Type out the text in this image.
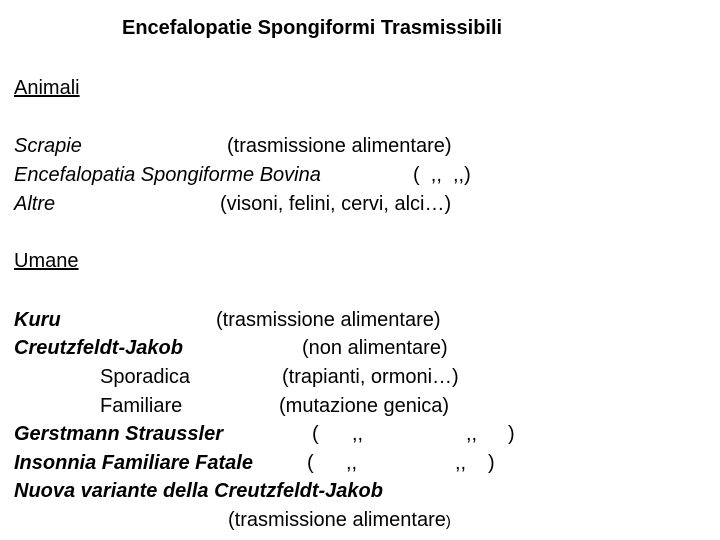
Encefalopatie Spongiformi Trasmissibili
Animali
Scrapie	(trasmissione alimentare)
Encefalopatia Spongiforme Bovina	(  ,,  ,,)
Altre	(visoni, felini, cervi, alci…)
Umane
Kuru	(trasmissione alimentare)
Creutzfeldt-Jakob	(non alimentare)
Sporadica	(trapianti, ormoni…)
Familiare	(mutazione genica)
Gerstmann Straussler	( ,,	,, )
Insonnia Familiare Fatale	( ,,	,, )
Nuova variante della Creutzfeldt-Jakob
(trasmissione alimentare)
